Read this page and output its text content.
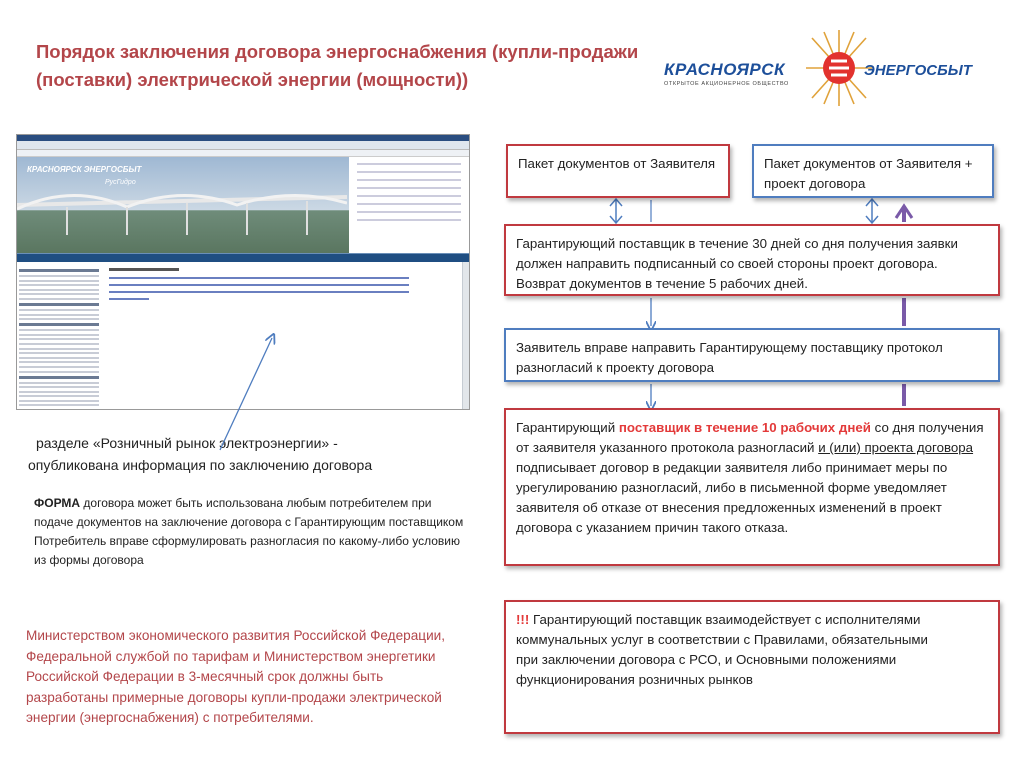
Порядок заключения договора энергоснабжения (купли-продажи
(поставки) электрической энергии (мощности))	КРАСНОЯРСК
ОТКРЫТОЕ АКЦИОНЕРНОЕ ОБЩЕСТВО
ЭНЕРГОСБЫТ
КРАСНОЯРСК ЭНЕРГОСБЫТ
РусГидро
разделе «Розничный рынок электроэнергии» - опубликована информация по заключению договора
ФОРМА договора может быть использована любым потребителем при подаче документов на заключение договора с Гарантирующим поставщиком Потребитель вправе сформулировать разногласия по какому-либо условию из формы договора
Министерством экономического развития Российской Федерации, Федеральной службой по тарифам и Министерством энергетики Российской Федерации в 3-месячный срок должны быть разработаны примерные договоры купли-продажи электрической энергии (энергоснабжения) с потребителями.
Пакет документов от Заявителя	Пакет документов от Заявителя + проект договора
Гарантирующий поставщик в течение 30 дней со дня получения заявки должен направить подписанный со своей стороны проект договора. Возврат документов в течение 5 рабочих дней.
Заявитель вправе направить Гарантирующему поставщику протокол разногласий к проекту договора
Гарантирующий поставщик в течение 10 рабочих дней со дня получения от заявителя указанного протокола разногласий и (или) проекта договора подписывает договор в редакции заявителя либо принимает меры по урегулированию разногласий, либо в письменной форме уведомляет заявителя об отказе от внесения предложенных изменений в проект договора с указанием причин такого отказа.
!!! Гарантирующий поставщик взаимодействует с исполнителями коммунальных услуг в соответствии с Правилами, обязательными
при заключении договора с РСО, и Основными положениями функционирования розничных рынков
